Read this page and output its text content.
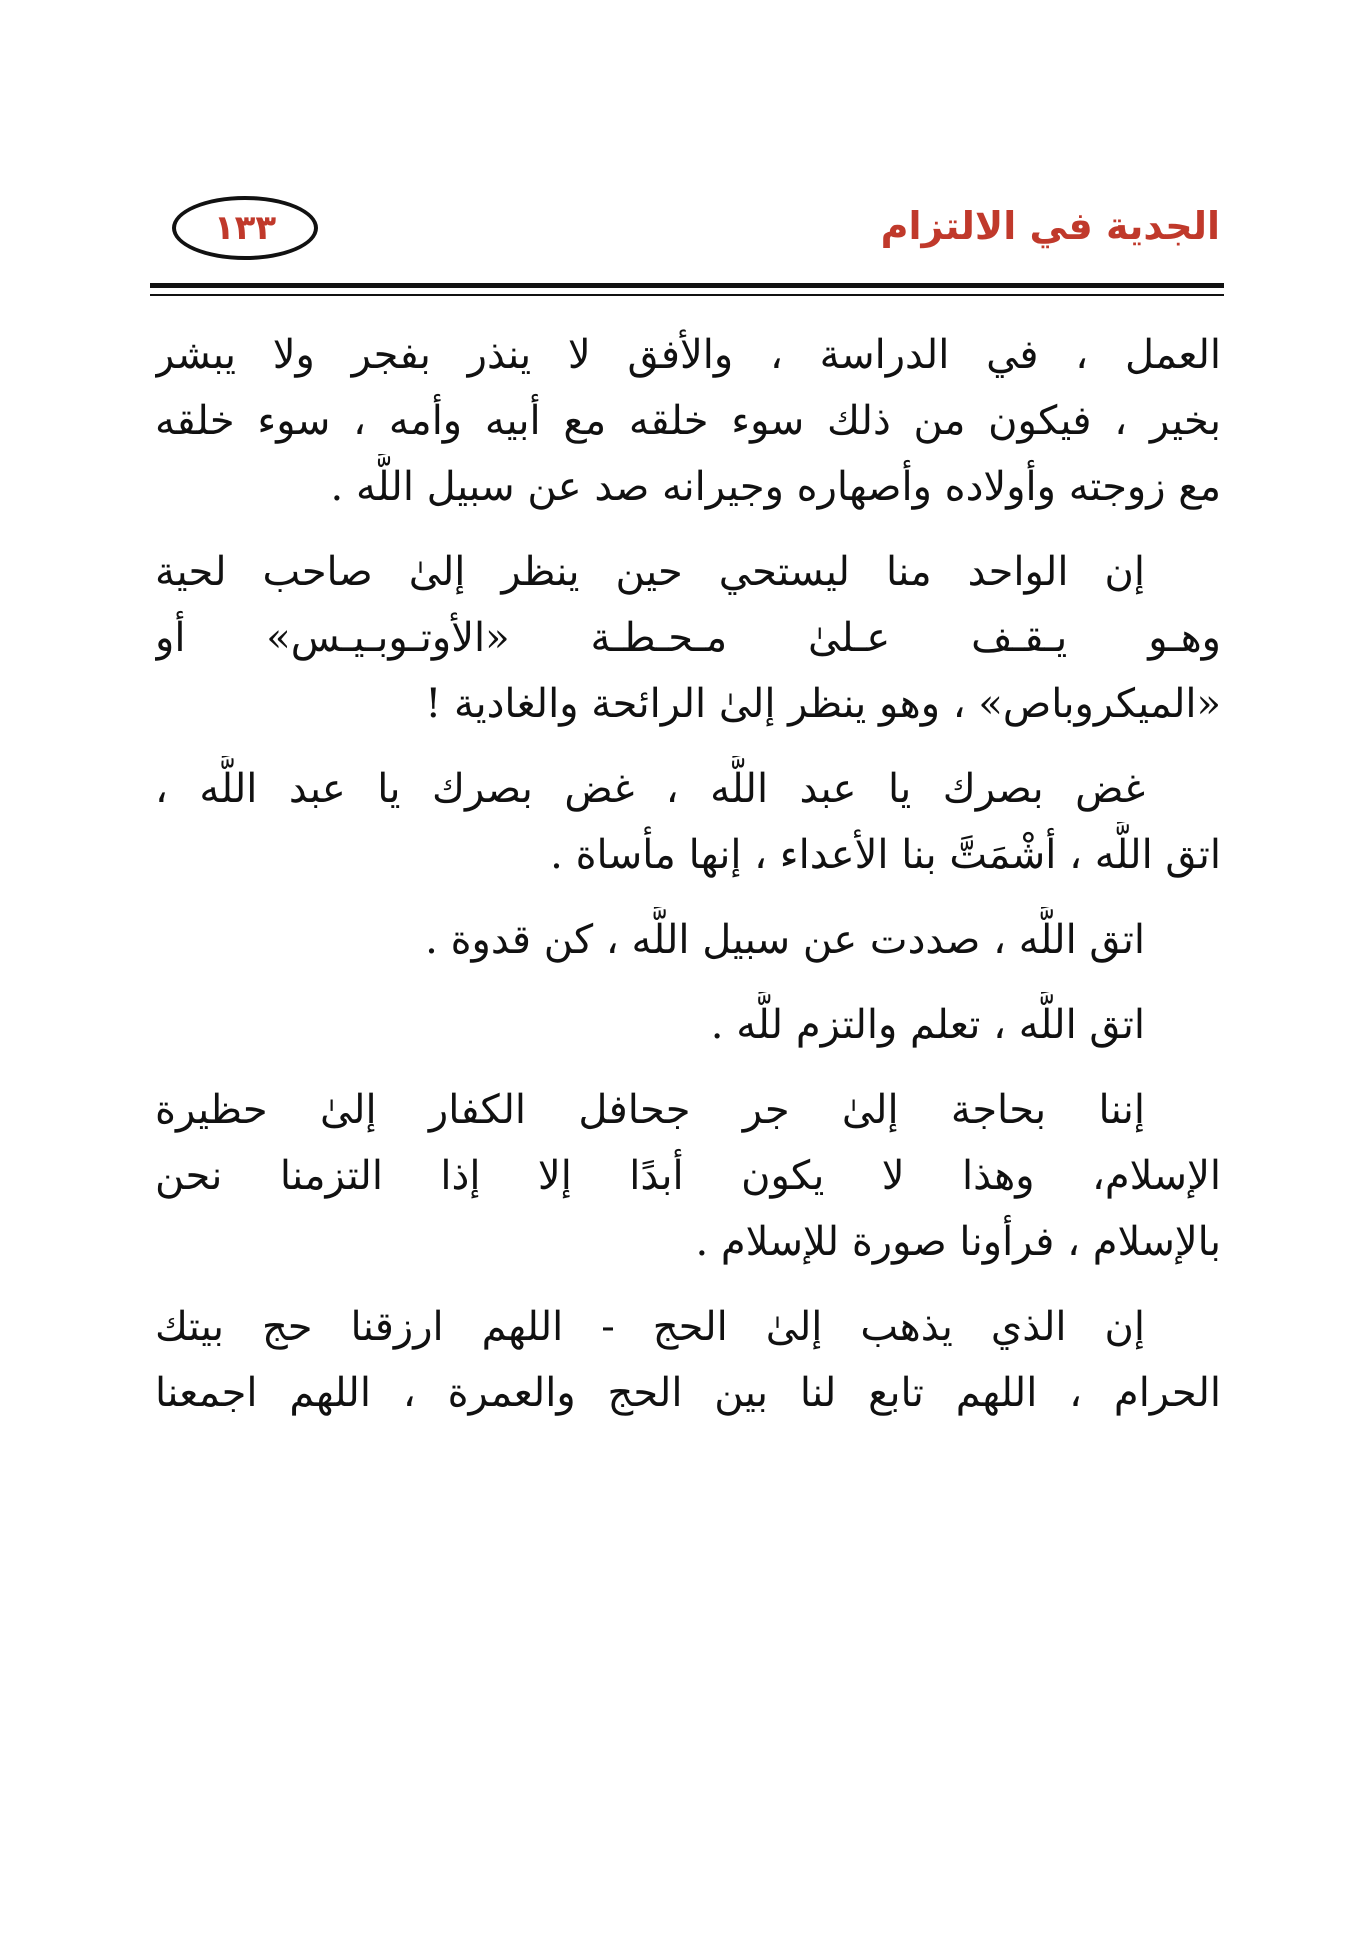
الجدية في الالتزام
١٣٣
العمل ، في الدراسة ، والأفق لا ينذر بفجر ولا يبشر
بخير ، فيكون من ذلك سوء خلقه مع أبيه وأمه ، سوء خلقه
مع زوجته وأولاده وأصهاره وجيرانه صد عن سبيل اللَّه .
إن الواحد منا ليستحي حين ينظر إلىٰ صاحب لحية
وهـو يـقـف عـلىٰ مـحـطـة «الأوتـوبـيـس» أو
«الميكروباص» ، وهو ينظر إلىٰ الرائحة والغادية !
غض بصرك يا عبد اللَّه ، غض بصرك يا عبد اللَّه ،
اتق اللَّه ، أشْمَتَّ بنا الأعداء ، إنها مأساة .
اتق اللَّه ، صددت عن سبيل اللَّه ، كن قدوة .
اتق اللَّه ، تعلم والتزم للَّه .
إننا بحاجة إلىٰ جر جحافل الكفار إلىٰ حظيرة
الإسلام، وهذا لا يكون أبدًا إلا إذا التزمنا نحن
بالإسلام ، فرأونا صورة للإسلام .
إن الذي يذهب إلىٰ الحج - اللهم ارزقنا حج بيتك
الحرام ، اللهم تابع لنا بين الحج والعمرة ، اللهم اجمعنا
